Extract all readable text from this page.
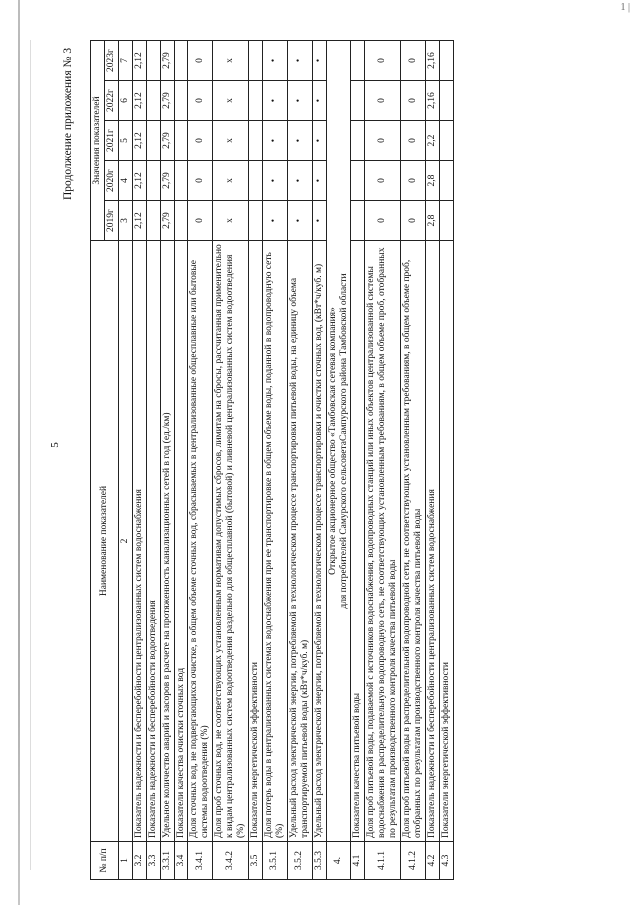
1 |
5
Продолжение приложения № 3
№ п/п	Наименование показателей	Значения показателей				
		2019г	2020г	2021г	2022г	2023г
1	2	3	4	5	6	7
3.2	Показатель надежности и бесперебойности централизованных систем водоснабжения	2,12	2,12	2,12	2,12	2,12
3.3	Показатель надежности и бесперебойности водоотведения					
3.3.1	Удельное количество аварий и засоров в расчете на протяженность канализационных сетей в год (ед./км)	2,79	2,79	2,79	2,79	2,79
3.4	Показатели качества очистки сточных вод					
3.4.1	Доля сточных вод, не подвергающихся очистке, в общем объеме сточных вод, сбрасываемых в централизованные общесплавные или бытовые системы водоотведения (%)	0	0	0	0	0
3.4.2	Доля проб сточных вод, не соответствующих установленным нормативам допустимых сбросов, лимитам на сбросы, рассчитанная применительно к видам централизованных систем водоотведения раздельно для общесплавной (бытовой) и ливневой централизованных систем водоотведения (%)	x	x	x	x	x
3.5	Показатели энергетической эффективности					
3.5.1	Доля потерь воды в централизованных системах водоснабжения при ее транспортировке в общем объеме воды, поданной в водопроводную сеть (%)	•	•	•	•	•
3.5.2	Удельный расход электрической энергии, потребляемой в технологическом процессе транспортировки питьевой воды, на единицу объема транспортируемой питьевой воды (кВт*ч/куб. м)	•	•	•	•	•
3.5.3	Удельный расход электрической энергии, потребляемой в технологическом процессе транспортировки и очистки сточных вод, (кВт*ч/куб. м)	•	•	•	•	•
4.	Открытое акционерное общество «Тамбовская сетевая компания» для потребителей Самурского сельсоветаСампурского района Тамбовской области					

4.1	Показатели качества питьевой воды					
4.1.1	Доля проб питьевой воды, подаваемой с источников водоснабжения, водопроводных станций или иных объектов централизованной системы водоснабжения в распределительную водопроводную сеть, не соответствующих установленным требованиям, в общем объеме проб, отобранных по результатам производственного контроля качества питьевой воды	0	0	0	0	0
4.1.2	Доля проб питьевой воды в распределительной водопроводной сети, не соответствующих установленным требованиям, в общем объеме проб, отобранных по результатам производственного контроля качества питьевой воды	0	0	0	0	0
4.2	Показатель надежности и бесперебойности централизованных систем водоснабжения	2,8	2,8	2,2	2,16	2,16
4.3	Показатели энергетической эффективности					
